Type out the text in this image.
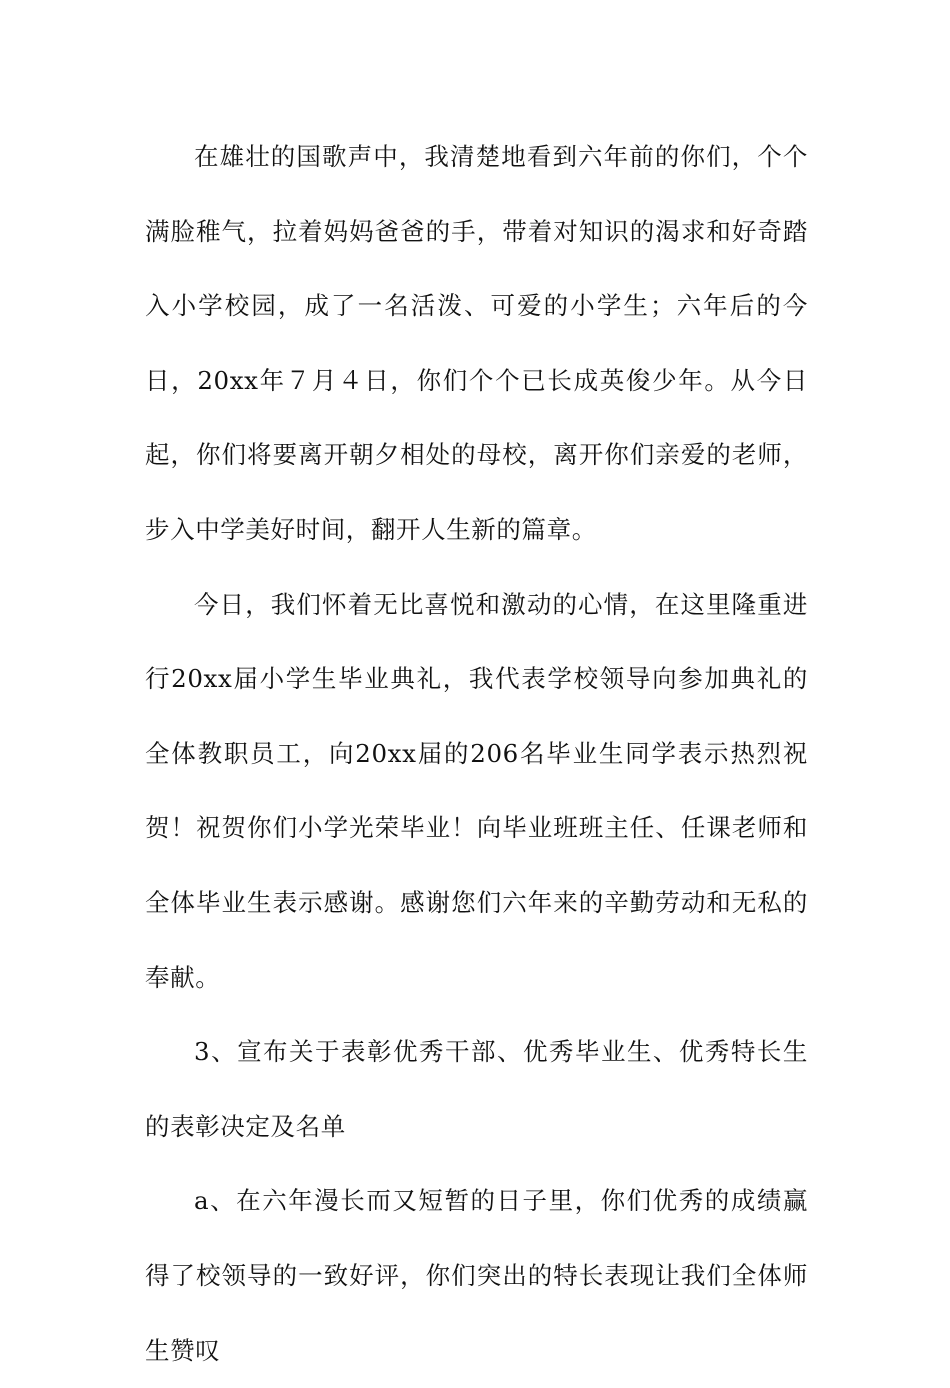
在雄壮的国歌声中，我清楚地看到六年前的你们，个个满脸稚气，拉着妈妈爸爸的手，带着对知识的渴求和好奇踏入小学校园，成了一名活泼、可爱的小学生；六年后的今日，20xx年７月４日，你们个个已长成英俊少年。从今日起，你们将要离开朝夕相处的母校，离开你们亲爱的老师，步入中学美好时间，翻开人生新的篇章。

今日，我们怀着无比喜悦和激动的心情，在这里隆重进行20xx届小学生毕业典礼，我代表学校领导向参加典礼的全体教职员工，向20xx届的206名毕业生同学表示热烈祝贺！祝贺你们小学光荣毕业！向毕业班班主任、任课老师和全体毕业生表示感谢。感谢您们六年来的辛勤劳动和无私的奉献。

3、宣布关于表彰优秀干部、优秀毕业生、优秀特长生的表彰决定及名单

a、在六年漫长而又短暂的日子里，你们优秀的成绩赢得了校领导的一致好评，你们突出的特长表现让我们全体师生赞叹
